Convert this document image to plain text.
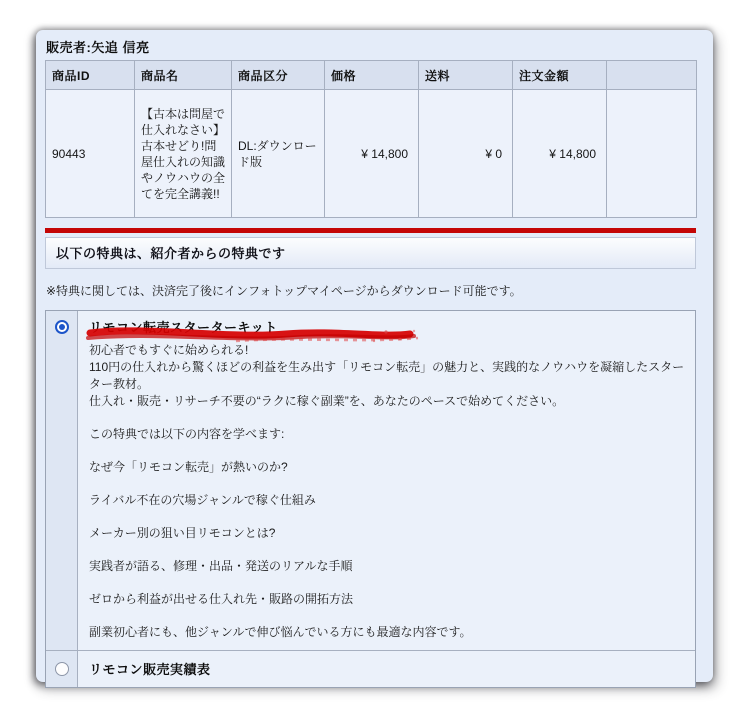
販売者:矢追 信亮
商品ID	商品名	商品区分	価格	送料	注文金額	
90443	【古本は問屋で仕入れなさい】古本せどり!問屋仕入れの知識やノウハウの全てを完全講義!!	DL:ダウンロード版	¥ 14,800	¥ 0	¥ 14,800	
以下の特典は、紹介者からの特典です
※特典に関しては、決済完了後にインフォトップマイページからダウンロード可能です。
リモコン転売スターターキット
初心者でもすぐに始められる!
110円の仕入れから驚くほどの利益を生み出す「リモコン転売」の魅力と、実践的なノウハウを凝縮したスターター教材。
仕入れ・販売・リサーチ不要の“ラクに稼ぐ副業”を、あなたのペースで始めてください。
この特典では以下の内容を学べます:
なぜ今「リモコン転売」が熱いのか?
ライバル不在の穴場ジャンルで稼ぐ仕組み
メーカー別の狙い目リモコンとは?
実践者が語る、修理・出品・発送のリアルな手順
ゼロから利益が出せる仕入れ先・販路の開拓方法
副業初心者にも、他ジャンルで伸び悩んでいる方にも最適な内容です。
リモコン販売実績表
